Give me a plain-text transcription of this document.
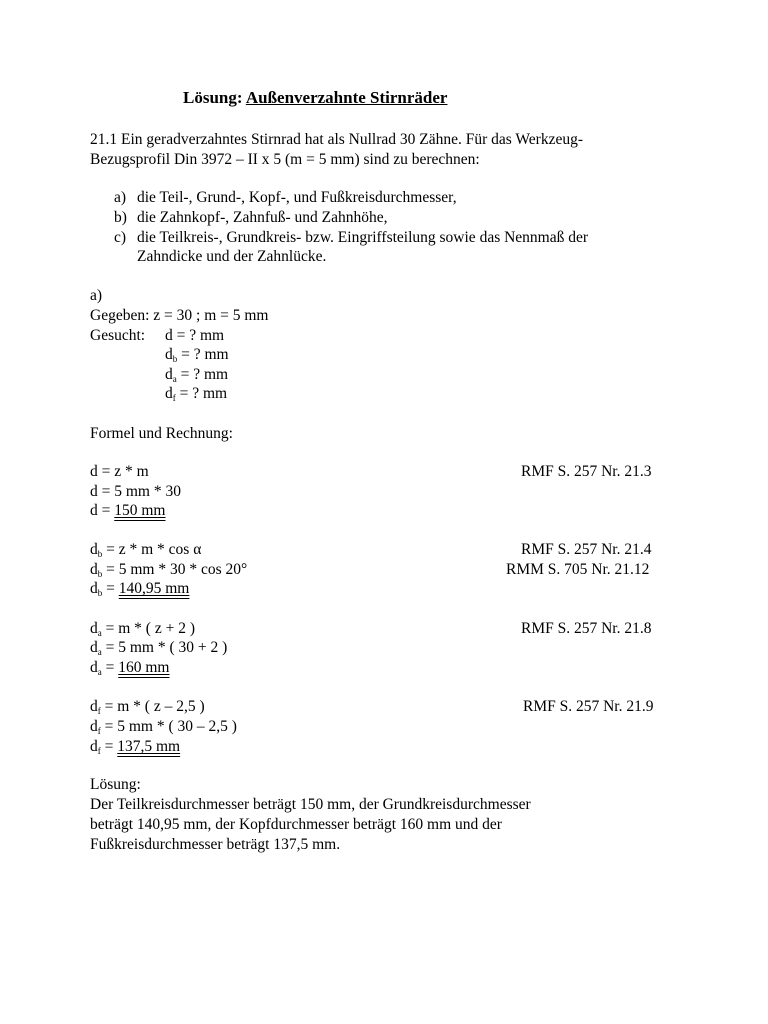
Lösung: Außenverzahnte Stirnräder
21.1 Ein geradverzahntes Stirnrad hat als Nullrad 30 Zähne. Für das Werkzeug-
Bezugsprofil Din 3972 – II x 5 (m = 5 mm) sind zu berechnen:
a) die Teil-, Grund-, Kopf-, und Fußkreisdurchmesser,
b) die Zahnkopf-, Zahnfuß- und Zahnhöhe,
c) die Teilkreis-, Grundkreis- bzw. Eingriffsteilung sowie das Nennmaß der
Zahndicke und der Zahnlücke.
a)
Gegeben: z = 30 ; m = 5 mm
Gesucht: d = ? mm
db = ? mm
da = ? mm
df = ? mm
Formel und Rechnung:
d = z * m	RMF S. 257 Nr. 21.3
d = 5 mm * 30
d = 150 mm
db = z * m * cos α	RMF S. 257 Nr. 21.4
db = 5 mm * 30 * cos 20°	RMM S. 705 Nr. 21.12
db = 140,95 mm
da = m * ( z + 2 )	RMF S. 257 Nr. 21.8
da = 5 mm * ( 30 + 2 )
da = 160 mm
df = m * ( z – 2,5 )	RMF S. 257 Nr. 21.9
df = 5 mm * ( 30 – 2,5 )
df = 137,5 mm
Lösung:
Der Teilkreisdurchmesser beträgt 150 mm, der Grundkreisdurchmesser
beträgt 140,95 mm, der Kopfdurchmesser beträgt 160 mm und der
Fußkreisdurchmesser beträgt 137,5 mm.
